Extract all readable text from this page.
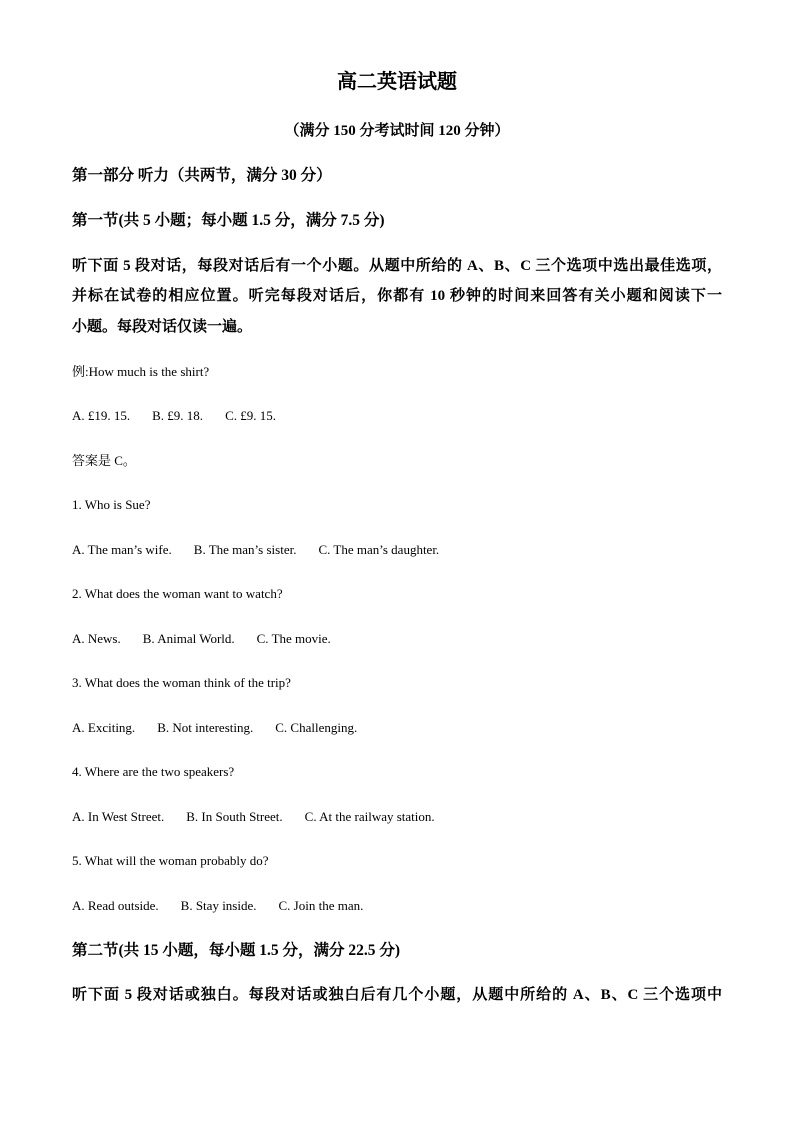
高二英语试题
（满分 150 分考试时间 120 分钟）
第一部分 听力（共两节，满分 30 分）
第一节(共 5 小题；每小题 1.5 分，满分 7.5 分)
听下面 5 段对话，每段对话后有一个小题。从题中所给的 A、B、C 三个选项中选出最佳选项，
并标在试卷的相应位置。听完每段对话后，你都有 10 秒钟的时间来回答有关小题和阅读下一
小题。每段对话仅读一遍。
例:How much is the shirt?
A. £19. 15. B. £9. 18. C. £9. 15.
答案是 C。
1. Who is Sue?
A. The man’s wife. B. The man’s sister. C. The man’s daughter.
2. What does the woman want to watch?
A. News. B. Animal World. C. The movie.
3. What does the woman think of the trip?
A. Exciting. B. Not interesting. C. Challenging.
4. Where are the two speakers?
A. In West Street. B. In South Street. C. At the railway station.
5. What will the woman probably do?
A. Read outside. B. Stay inside. C. Join the man.
第二节(共 15 小题，每小题 1.5 分，满分 22.5 分)
听下面 5 段对话或独白。每段对话或独白后有几个小题，从题中所给的 A、B、C 三个选项中
